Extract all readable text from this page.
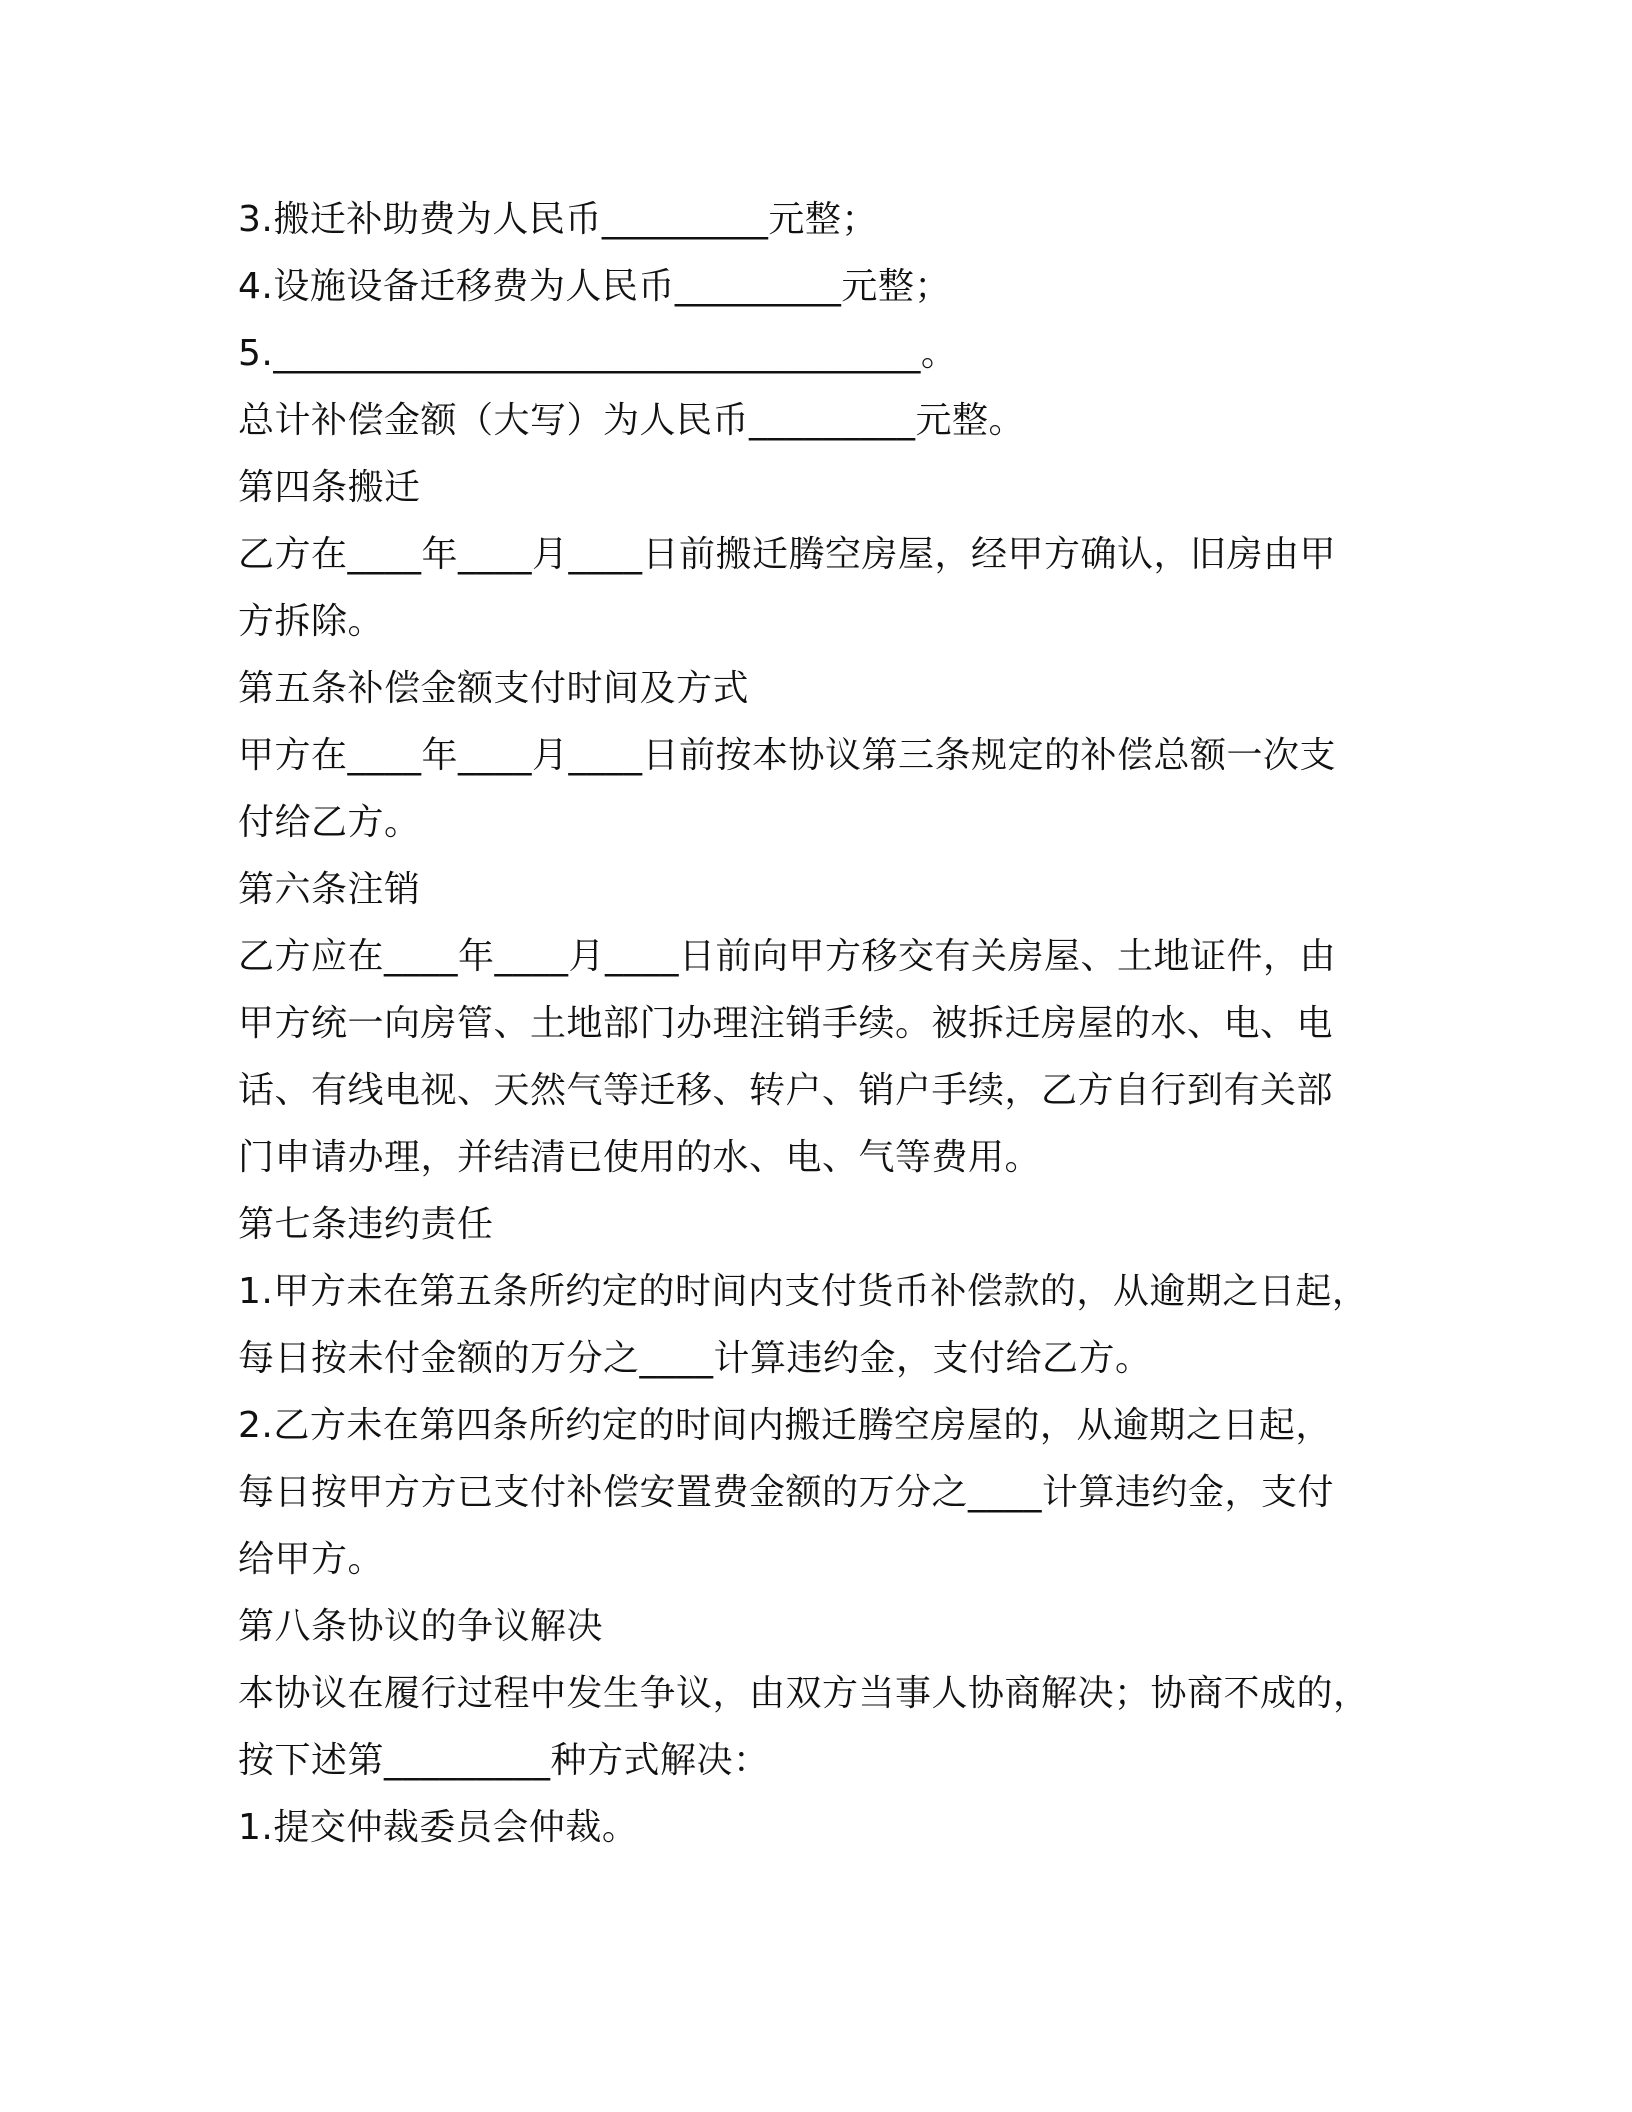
3.搬迁补助费为人民币_________元整；
4.设施设备迁移费为人民币_________元整；
5.___________________________________。
总计补偿金额（大写）为人民币_________元整。
第四条搬迁
乙方在____年____月____日前搬迁腾空房屋，经甲方确认，旧房由甲
方拆除。
第五条补偿金额支付时间及方式
甲方在____年____月____日前按本协议第三条规定的补偿总额一次支
付给乙方。
第六条注销
乙方应在____年____月____日前向甲方移交有关房屋、土地证件，由
甲方统一向房管、土地部门办理注销手续。被拆迁房屋的水、电、电
话、有线电视、天然气等迁移、转户、销户手续，乙方自行到有关部
门申请办理，并结清已使用的水、电、气等费用。
第七条违约责任
1.甲方未在第五条所约定的时间内支付货币补偿款的，从逾期之日起，
每日按未付金额的万分之____计算违约金，支付给乙方。
2.乙方未在第四条所约定的时间内搬迁腾空房屋的，从逾期之日起，
每日按甲方方已支付补偿安置费金额的万分之____计算违约金，支付
给甲方。
第八条协议的争议解决
本协议在履行过程中发生争议，由双方当事人协商解决；协商不成的，
按下述第_________种方式解决：
1.提交仲裁委员会仲裁。
